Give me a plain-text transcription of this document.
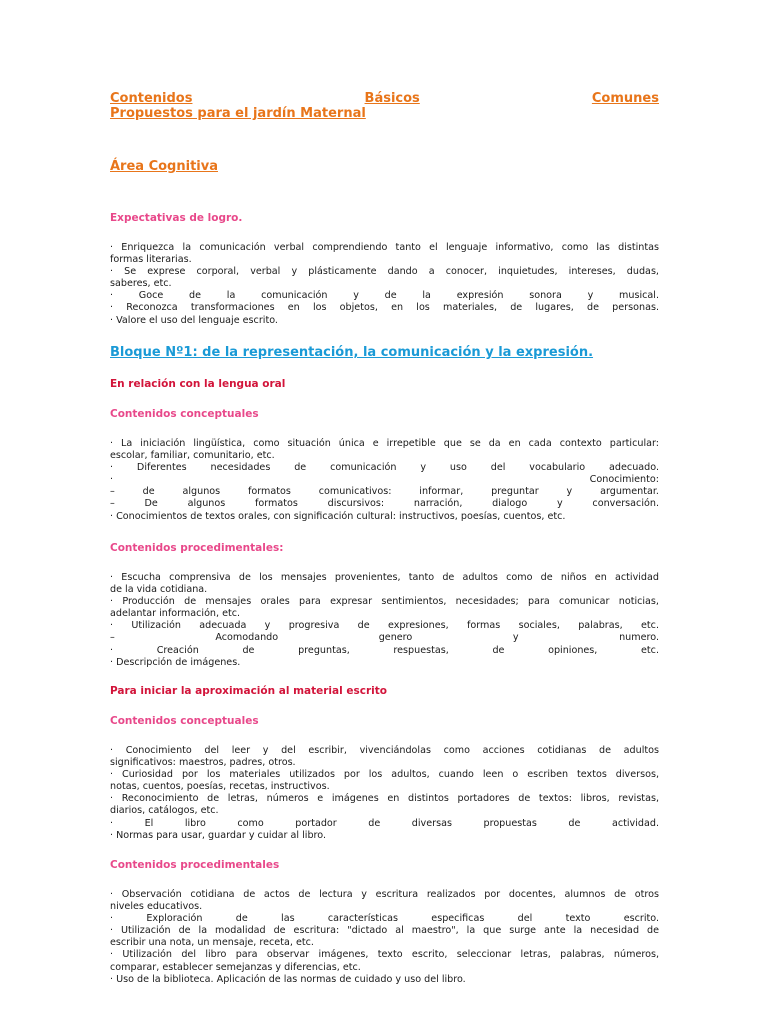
Contenidos	Básicos	Comunes
Propuestos para el jardín Maternal
Área Cognitiva
Expectativas de logro.
· Enriquezca la comunicación verbal comprendiendo tanto el lenguaje informativo, como las distintas
formas literarias.
· Se exprese corporal, verbal y plásticamente dando a conocer, inquietudes, intereses, dudas,
saberes, etc.
· Goce de la comunicación y de la expresión sonora y musical.
· Reconozca transformaciones en los objetos, en los materiales, de lugares, de personas.
· Valore el uso del lenguaje escrito.
Bloque Nº1: de la representación, la comunicación y la expresión.
En relación con la lengua oral
Contenidos conceptuales
· La iniciación lingüística, como situación única e irrepetible que se da en cada contexto particular:
escolar, familiar, comunitario, etc.
· Diferentes necesidades de comunicación y uso del vocabulario adecuado.
· Conocimiento:
– de algunos formatos comunicativos: informar, preguntar y argumentar.
– De algunos formatos discursivos: narración, dialogo y conversación.
· Conocimientos de textos orales, con significación cultural: instructivos, poesías, cuentos, etc.
Contenidos procedimentales:
· Escucha comprensiva de los mensajes provenientes, tanto de adultos como de niños en actividad
de la vida cotidiana.
· Producción de mensajes orales para expresar sentimientos, necesidades; para comunicar noticias,
adelantar información, etc.
· Utilización adecuada y progresiva de expresiones, formas sociales, palabras, etc.
– Acomodando genero y numero.
· Creación de preguntas, respuestas, de opiniones, etc.
· Descripción de imágenes.
Para iniciar la aproximación al material escrito
Contenidos conceptuales
· Conocimiento del leer y del escribir, vivenciándolas como acciones cotidianas de adultos
significativos: maestros, padres, otros.
· Curiosidad por los materiales utilizados por los adultos, cuando leen o escriben textos diversos,
notas, cuentos, poesías, recetas, instructivos.
· Reconocimiento de letras, números e imágenes en distintos portadores de textos: libros, revistas,
diarios, catálogos, etc.
· El libro como portador de diversas propuestas de actividad.
· Normas para usar, guardar y cuidar al libro.
Contenidos procedimentales
· Observación cotidiana de actos de lectura y escritura realizados por docentes, alumnos de otros
niveles educativos.
· Exploración de las características especificas del texto escrito.
· Utilización de la modalidad de escritura: "dictado al maestro", la que surge ante la necesidad de
escribir una nota, un mensaje, receta, etc.
· Utilización del libro para observar imágenes, texto escrito, seleccionar letras, palabras, números,
comparar, establecer semejanzas y diferencias, etc.
· Uso de la biblioteca. Aplicación de las normas de cuidado y uso del libro.
